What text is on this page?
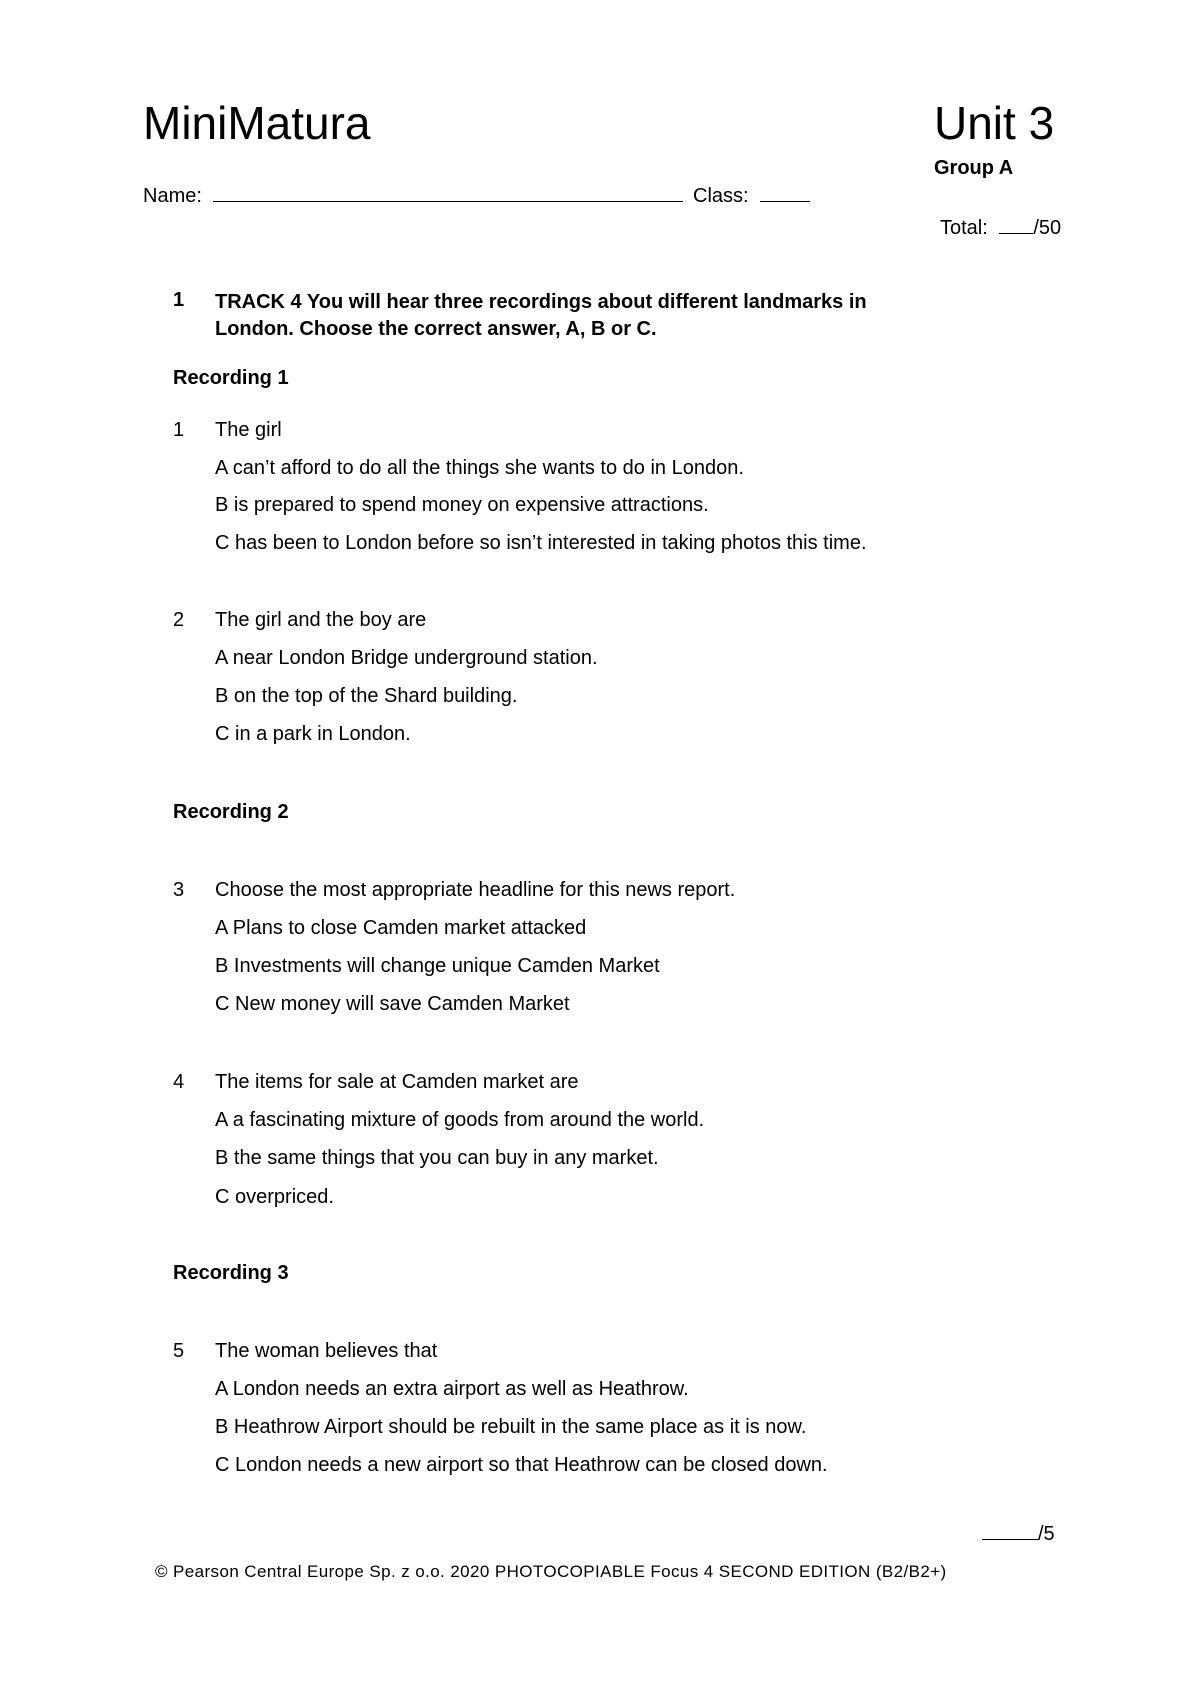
MiniMatura	Unit 3
Group A
Name:	Class:
Total: /50
1 TRACK 4 You will hear three recordings about different landmarks in
London. Choose the correct answer, A, B or C.
Recording 1
1 The girl
A can’t afford to do all the things she wants to do in London.
B is prepared to spend money on expensive attractions.
C has been to London before so isn’t interested in taking photos this time.
2 The girl and the boy are
A near London Bridge underground station.
B on the top of the Shard building.
C in a park in London.
Recording 2
3 Choose the most appropriate headline for this news report.
A Plans to close Camden market attacked
B Investments will change unique Camden Market
C New money will save Camden Market
4 The items for sale at Camden market are
A a fascinating mixture of goods from around the world.
B the same things that you can buy in any market.
C overpriced.
Recording 3
5 The woman believes that
A London needs an extra airport as well as Heathrow.
B Heathrow Airport should be rebuilt in the same place as it is now.
C London needs a new airport so that Heathrow can be closed down.
/5
© Pearson Central Europe Sp. z o.o. 2020 PHOTOCOPIABLE Focus 4 SECOND EDITION (B2/B2+)
